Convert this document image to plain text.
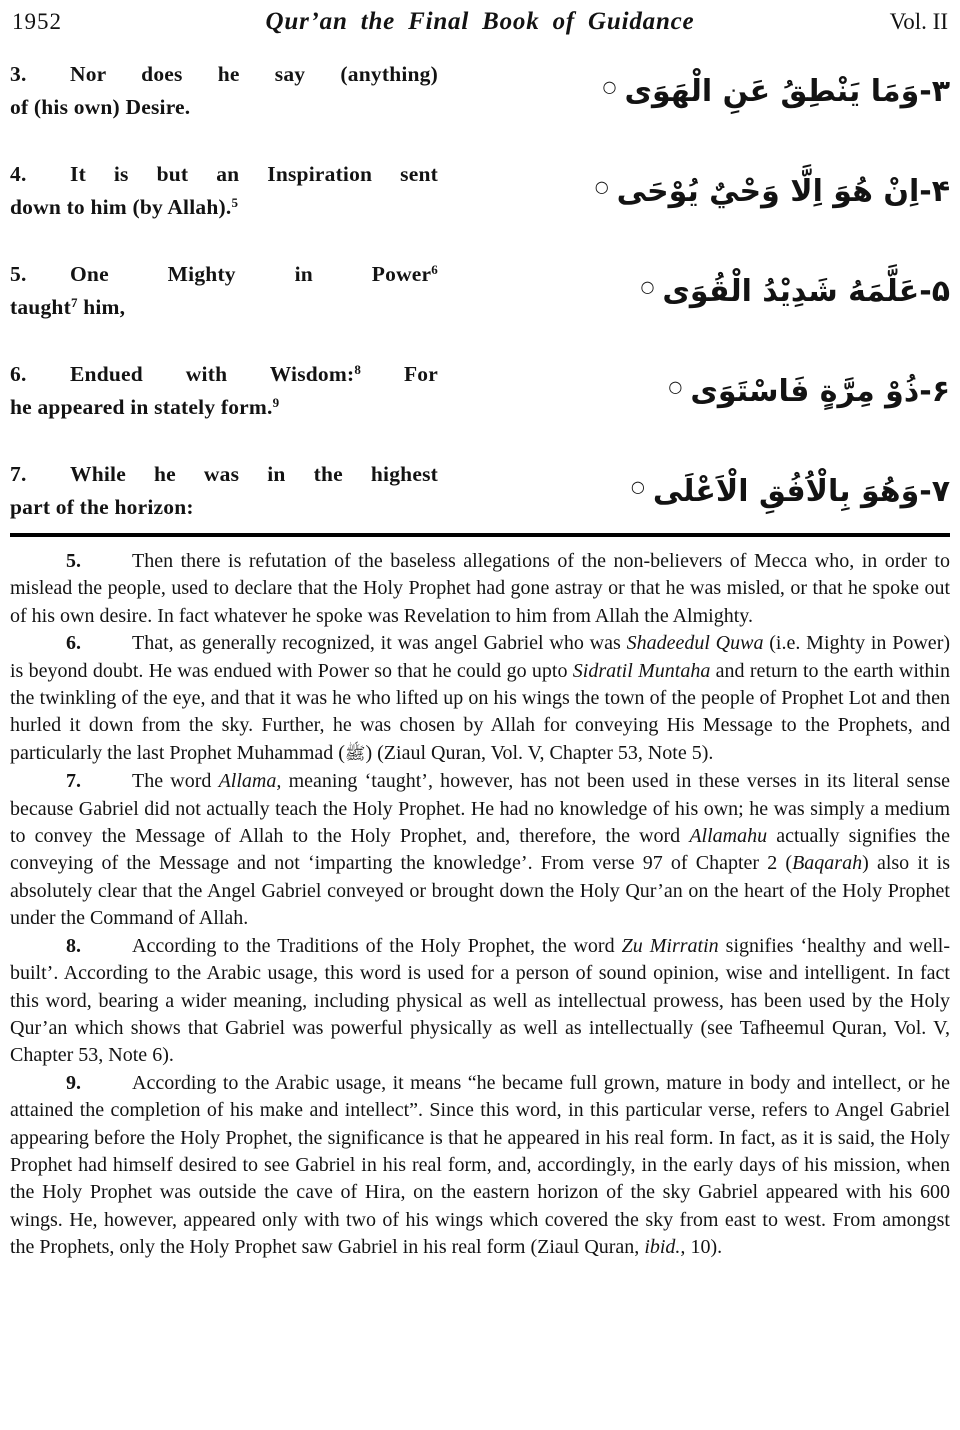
1952	Qur’an the Final Book of Guidance	Vol. II
3. Nor does he say (anything)
of (his own) Desire.	۳-وَمَا يَنْطِقُ عَنِ الْهَوَى○
4. It is but an Inspiration sent
down to him (by Allah).$^5$	۴-اِنْ هُوَ اِلَّا وَحْيٌ يُوْحَى○
5. One Mighty in Power$^6$
taught$^7$ him,	۵-عَلَّمَهُ شَدِيْدُ الْقُوَى○
6. Endued with Wisdom:$^8$ For
he appeared in stately form.$^9$	۶-ذُوْ مِرَّةٍ فَاسْتَوَى○
7. While he was in the highest
part of the horizon:	۷-وَهُوَ بِالْاُفُقِ الْاَعْلَى○

5.	Then there is refutation of the baseless allegations of the non-believers of Mecca who, in order to mislead the people, used to declare that the Holy Prophet had gone astray or that he was misled, or that he spoke out of his own desire. In fact whatever he spoke was Revelation to him from Allah the Almighty.

6.	That, as generally recognized, it was angel Gabriel who was Shadeedul Quwa (i.e. Mighty in Power) is beyond doubt. He was endued with Power so that he could go upto Sidratil Muntaha and return to the earth within the twinkling of the eye, and that it was he who lifted up on his wings the town of the people of Prophet Lot and then hurled it down from the sky. Further, he was chosen by Allah for conveying His Message to the Prophets, and particularly the last Prophet Muhammad (ﷺ) (Ziaul Quran, Vol. V, Chapter 53, Note 5).

7.	The word Allama, meaning ‘taught’, however, has not been used in these verses in its literal sense because Gabriel did not actually teach the Holy Prophet. He had no knowledge of his own; he was simply a medium to convey the Message of Allah to the Holy Prophet, and, therefore, the word Allamahu actually signifies the conveying of the Message and not ‘imparting the knowledge’. From verse 97 of Chapter 2 (Baqarah) also it is absolutely clear that the Angel Gabriel conveyed or brought down the Holy Qur’an on the heart of the Holy Prophet under the Command of Allah.

8.	According to the Traditions of the Holy Prophet, the word Zu Mirratin signifies ‘healthy and well-built’. According to the Arabic usage, this word is used for a person of sound opinion, wise and intelligent. In fact this word, bearing a wider meaning, including physical as well as intellectual prowess, has been used by the Holy Qur’an which shows that Gabriel was powerful physically as well as intellectually (see Tafheemul Quran, Vol. V, Chapter 53, Note 6).

9.	According to the Arabic usage, it means “he became full grown, mature in body and intellect, or he attained the completion of his make and intellect”. Since this word, in this particular verse, refers to Angel Gabriel appearing before the Holy Prophet, the significance is that he appeared in his real form. In fact, as it is said, the Holy Prophet had himself desired to see Gabriel in his real form, and, accordingly, in the early days of his mission, when the Holy Prophet was outside the cave of Hira, on the eastern horizon of the sky Gabriel appeared with his 600 wings. He, however, appeared only with two of his wings which covered the sky from east to west. From amongst the Prophets, only the Holy Prophet saw Gabriel in his real form (Ziaul Quran, ibid., 10).
